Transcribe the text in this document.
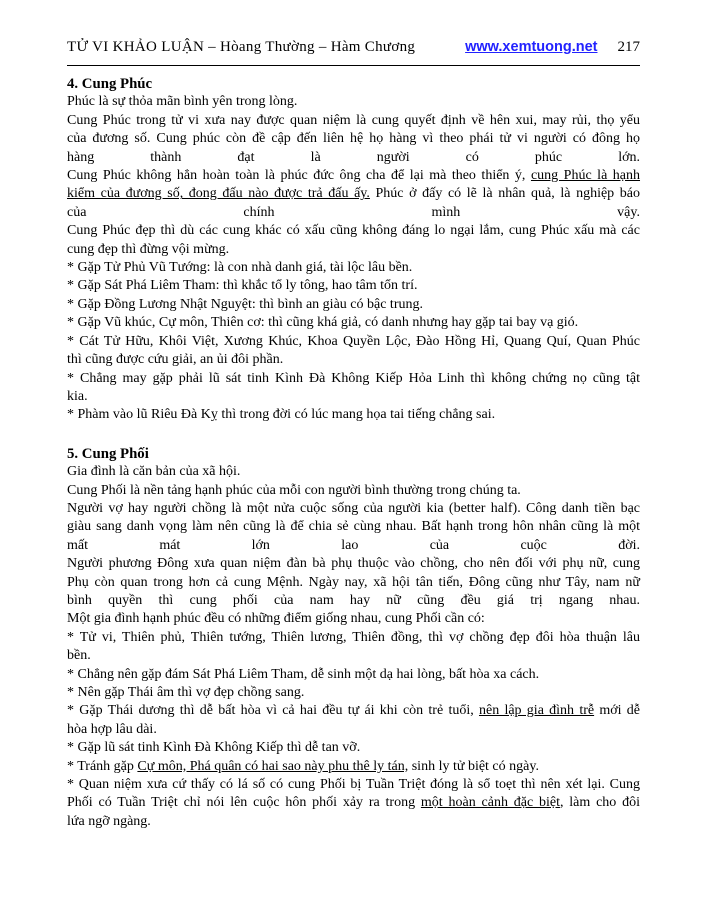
TỬ VI KHẢO LUẬN – Hòang Thường – Hàm Chương	www.xemtuong.net 217
4. Cung Phúc
Phúc là sự thỏa mãn bình yên trong lòng.
Cung Phúc trong tử vi xưa nay được quan niệm là cung quyết định về hên xui, may rủi, thọ yểu
của đương số. Cung phúc còn đề cập đến liên hệ họ hàng vì theo phái tử vi người có đông họ
hàng thành đạt là người có phúc lớn.
Cung Phúc không hẳn hoàn toàn là phúc đức ông cha để lại mà theo thiển ý, cung Phúc là hạnh
kiểm của đương số, đong đấu nào được trả đấu ấy. Phúc ở đấy có lẽ là nhân quả, là nghiệp báo
của chính mình vậy.
Cung Phúc đẹp thì dù các cung khác có xấu cũng không đáng lo ngại lắm, cung Phúc xấu mà các
cung đẹp thì đừng vội mừng.
* Gặp Tử Phủ Vũ Tướng: là con nhà danh giá, tài lộc lâu bền.
* Gặp Sát Phá Liêm Tham: thì khắc tổ ly tông, hao tâm tổn trí.
* Gặp Đồng Lương Nhật Nguyệt: thì bình an giàu có bậc trung.
* Gặp Vũ khúc, Cự môn, Thiên cơ: thì cũng khá giả, có danh nhưng hay gặp tai bay vạ gió.
* Cát Tử Hữu, Khôi Việt, Xương Khúc, Khoa Quyền Lộc, Đào Hồng Hỉ, Quang Quí, Quan Phúc
thì cũng được cứu giải, an ủi đôi phần.
* Chẳng may gặp phải lũ sát tinh Kình Đà Không Kiếp Hỏa Linh thì không chứng nọ cũng tật
kia.
* Phàm vào lũ Riêu Đà Kỵ thì trong đời có lúc mang họa tai tiếng chẳng sai.
5. Cung Phối
Gia đình là căn bản của xã hội.
Cung Phối là nền tảng hạnh phúc của mỗi con người bình thường trong chúng ta.
Người vợ hay người chồng là một nửa cuộc sống của người kia (better half). Công danh tiền bạc
giàu sang danh vọng làm nên cũng là để chia sẻ cùng nhau. Bất hạnh trong hôn nhân cũng là một
mất mát lớn lao của cuộc đời.
Người phương Đông xưa quan niệm đàn bà phụ thuộc vào chồng, cho nên đối với phụ nữ, cung
Phụ còn quan trong hơn cả cung Mệnh. Ngày nay, xã hội tân tiến, Đông cũng như Tây, nam nữ
bình quyền thì cung phối của nam hay nữ cũng đều giá trị ngang nhau.
Một gia đình hạnh phúc đều có những điểm giống nhau, cung Phối cần có:
* Tử vi, Thiên phủ, Thiên tướng, Thiên lương, Thiên đồng, thì vợ chồng đẹp đôi hòa thuận lâu
bền.
* Chẳng nên gặp đám Sát Phá Liêm Tham, dễ sinh một dạ hai lòng, bất hòa xa cách.
* Nên gặp Thái âm thì vợ đẹp chồng sang.
* Gặp Thái dương thì dễ bất hòa vì cả hai đều tự ái khi còn trẻ tuổi, nên lập gia đình trễ mới dễ
hòa hợp lâu dài.
* Gặp lũ sát tinh Kình Đà Không Kiếp thì dễ tan vỡ.
* Tránh gặp Cự môn, Phá quân có hai sao này phu thê ly tán, sinh ly tử biệt có ngày.
* Quan niệm xưa cứ thấy có lá số có cung Phối bị Tuần Triệt đóng là sổ toẹt thì nên xét lại. Cung
Phối có Tuần Triệt chỉ nói lên cuộc hôn phối xảy ra trong một hoàn cảnh đặc biệt, làm cho đôi
lứa ngỡ ngàng.
